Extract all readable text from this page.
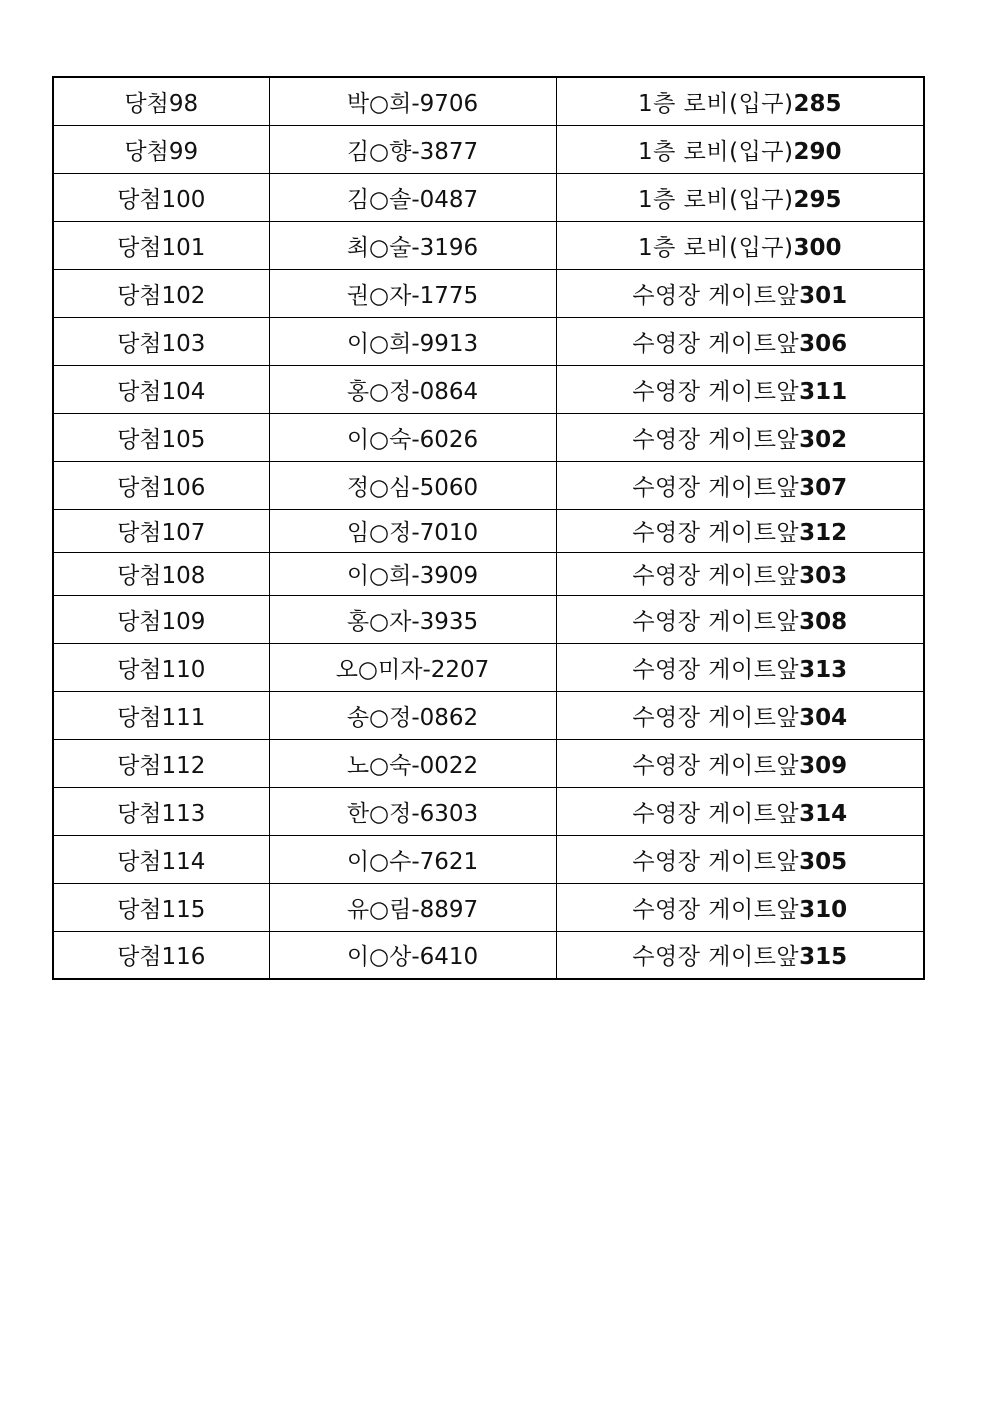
당첨98	박○희-9706	1층 로비(입구)285
당첨99	김○향-3877	1층 로비(입구)290
당첨100	김○솔-0487	1층 로비(입구)295
당첨101	최○술-3196	1층 로비(입구)300
당첨102	권○자-1775	수영장 게이트앞301
당첨103	이○희-9913	수영장 게이트앞306
당첨104	홍○정-0864	수영장 게이트앞311
당첨105	이○숙-6026	수영장 게이트앞302
당첨106	정○심-5060	수영장 게이트앞307
당첨107	임○정-7010	수영장 게이트앞312
당첨108	이○희-3909	수영장 게이트앞303
당첨109	홍○자-3935	수영장 게이트앞308
당첨110	오○미자-2207	수영장 게이트앞313
당첨111	송○정-0862	수영장 게이트앞304
당첨112	노○숙-0022	수영장 게이트앞309
당첨113	한○정-6303	수영장 게이트앞314
당첨114	이○수-7621	수영장 게이트앞305
당첨115	유○림-8897	수영장 게이트앞310
당첨116	이○상-6410	수영장 게이트앞315
